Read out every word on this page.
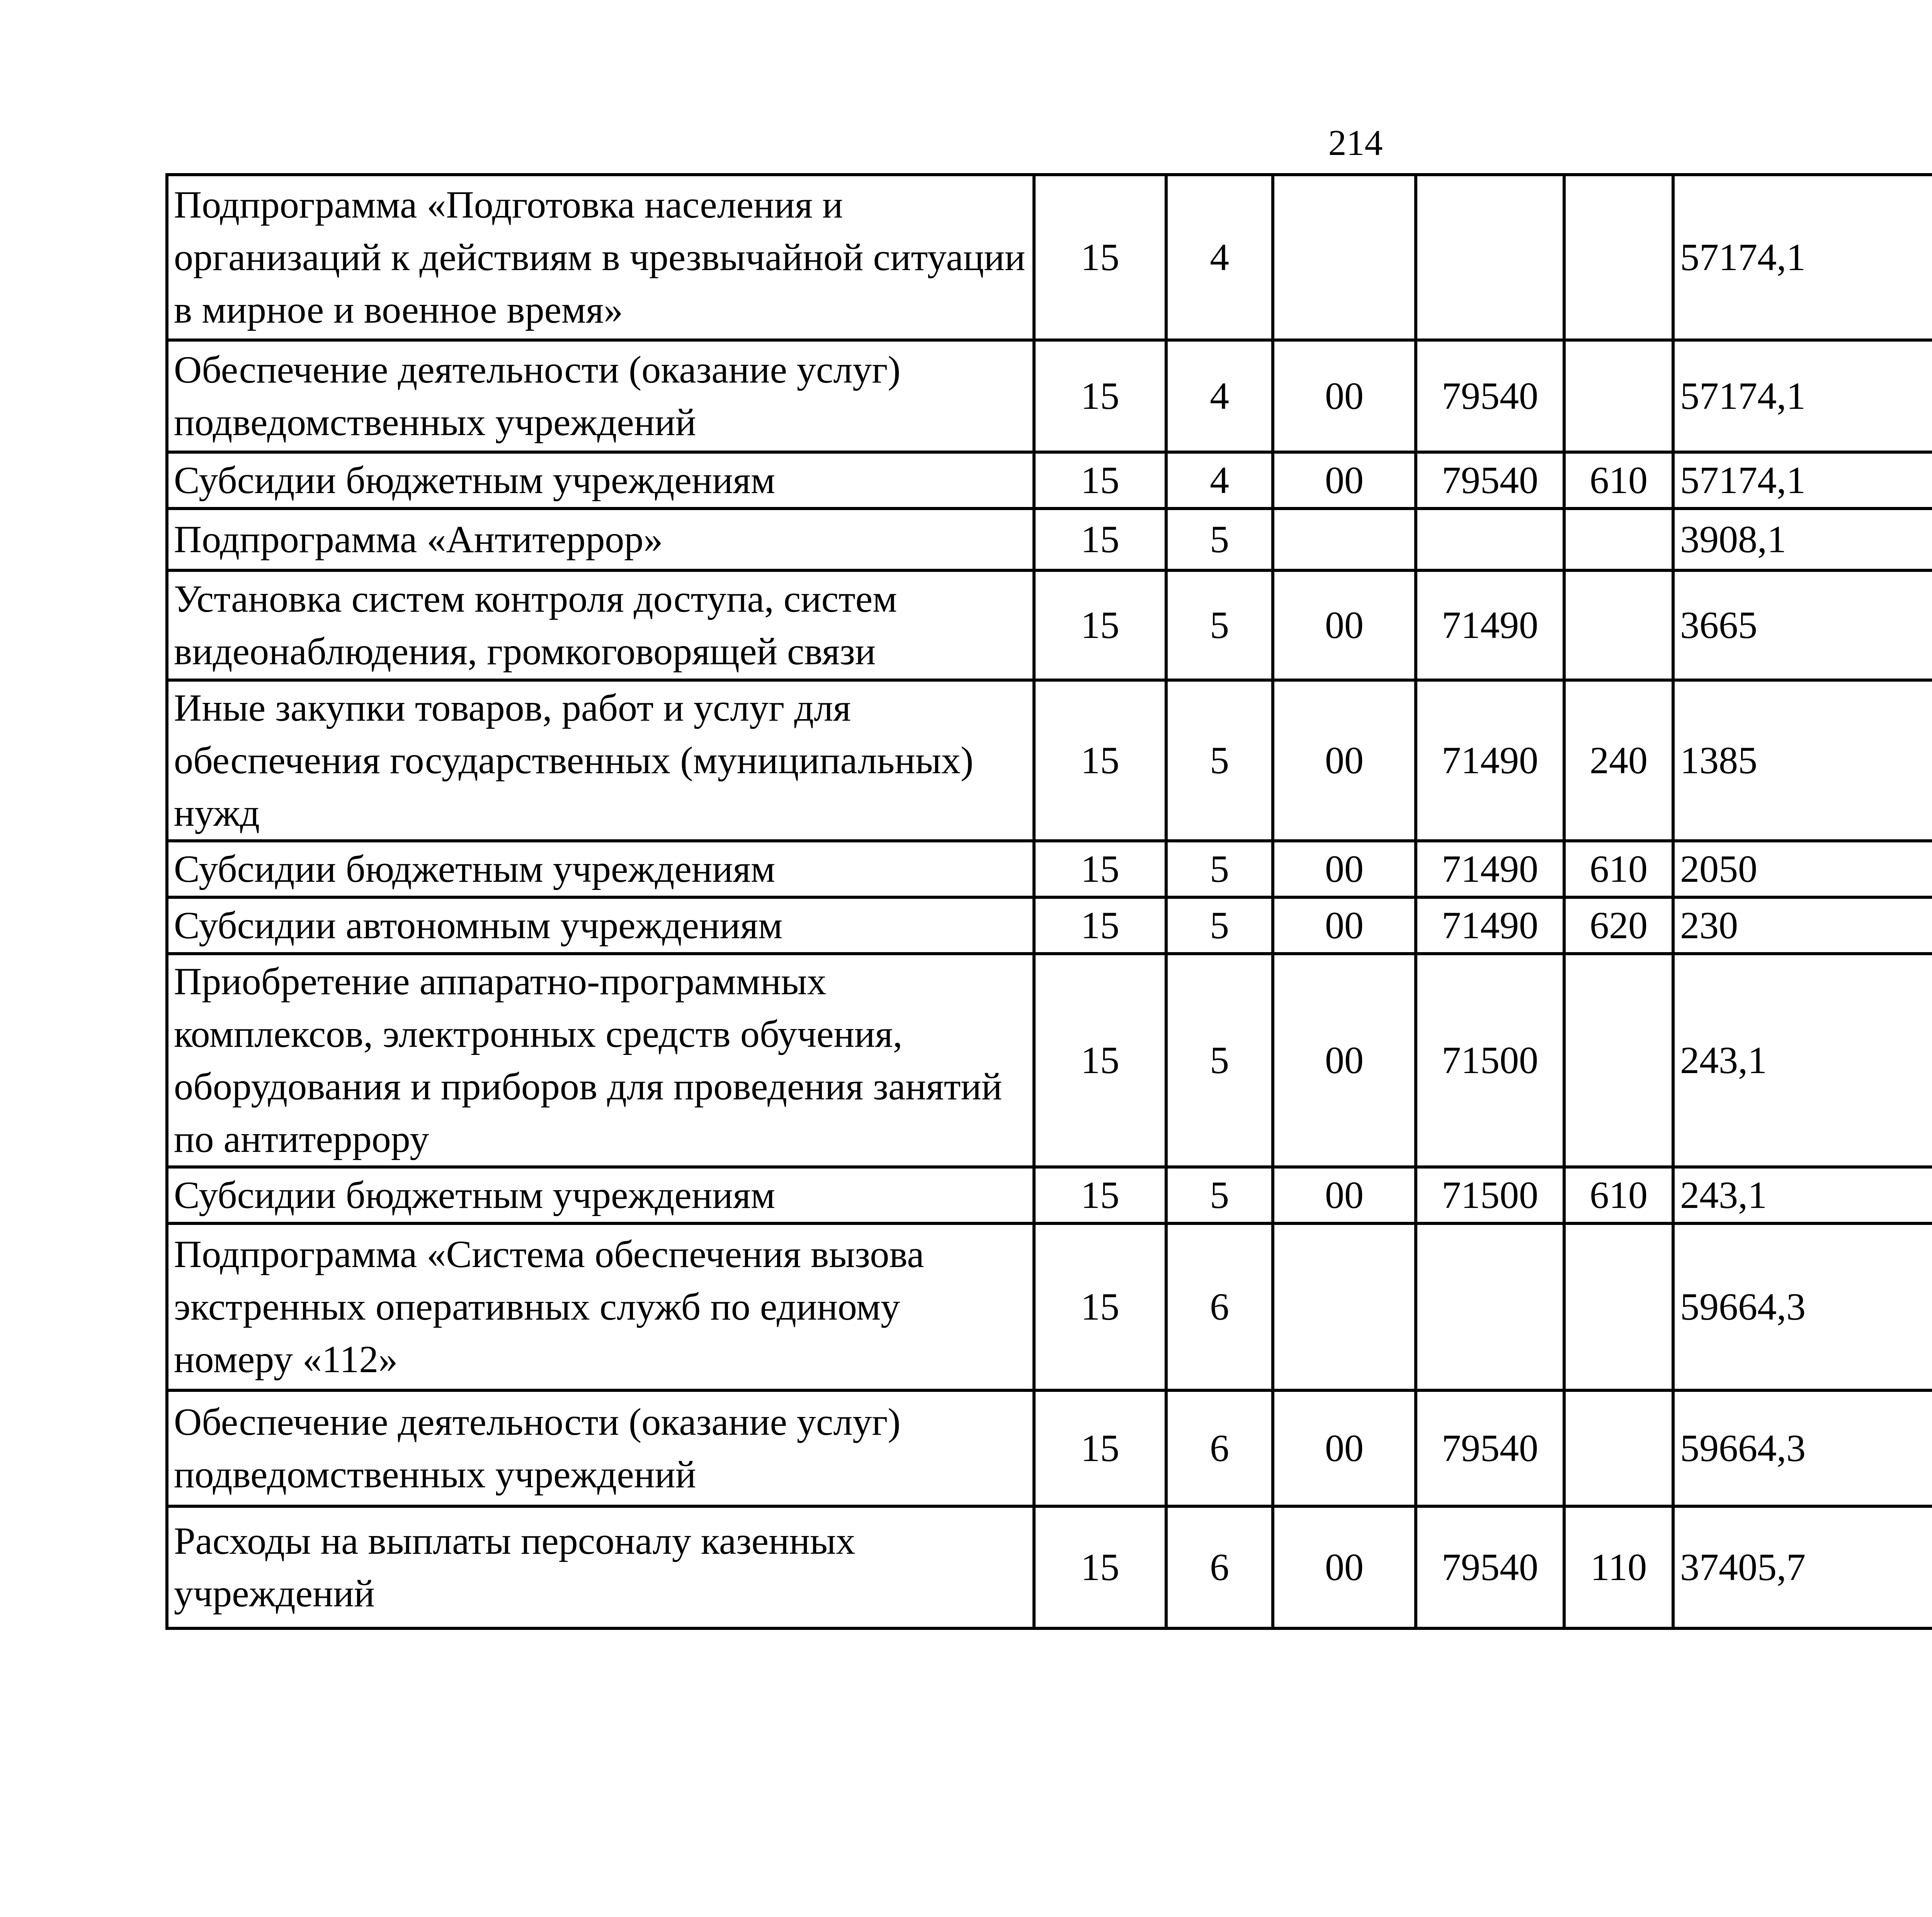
214
Подпрограмма «Подготовка населения и организаций к действиям в чрезвычайной ситуации в мирное и военное время»	15	4				57174,1		
Обеспечение деятельности (оказание услуг) подведомственных учреждений	15	4	00	79540		57174,1		
Субсидии бюджетным учреждениям	15	4	00	79540	610	57174,1		
Подпрограмма «Антитеррор»	15	5				3908,1		
Установка систем контроля доступа, систем видеонаблюдения, громкоговорящей связи	15	5	00	71490		3665		
Иные закупки товаров, работ и услуг для обеспечения государственных (муниципальных) нужд	15	5	00	71490	240	1385		
Субсидии бюджетным учреждениям	15	5	00	71490	610	2050		
Субсидии автономным учреждениям	15	5	00	71490	620	230		
Приобретение аппаратно-программных комплексов, электронных средств обучения, оборудования и приборов для проведения занятий по антитеррору	15	5	00	71500		243,1		
Субсидии бюджетным учреждениям	15	5	00	71500	610	243,1		
Подпрограмма «Система обеспечения вызова экстренных оперативных служб по единому номеру «112»	15	6				59664,3		
Обеспечение деятельности (оказание услуг) подведомственных учреждений	15	6	00	79540		59664,3		
Расходы на выплаты персоналу казенных учреждений	15	6	00	79540	110	37405,7		
